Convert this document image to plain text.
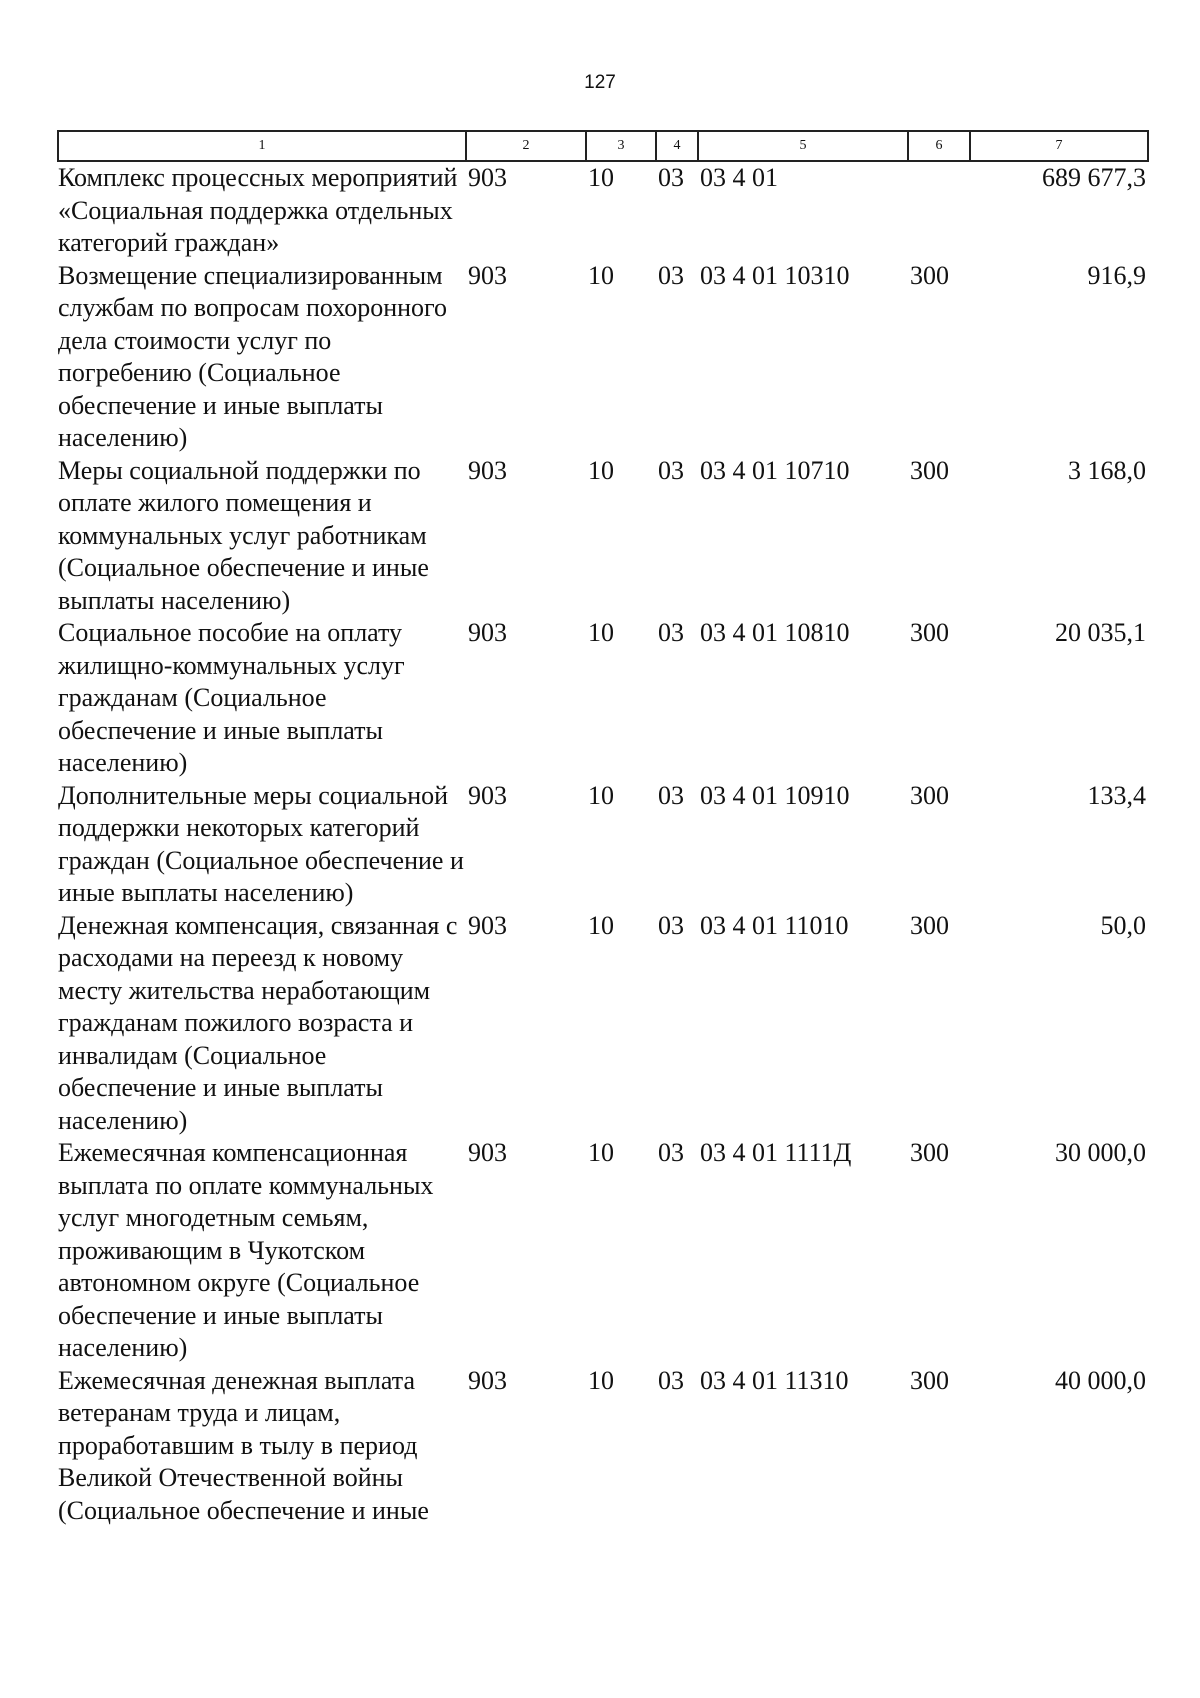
127
1	2	3	4	5	6	7
Комплекс процессных мероприятий «Социальная поддержка отдельных категорий граждан»	903	10	03	03 4 01		689 677,3
Возмещение специализированным службам по вопросам похоронного дела стоимости услуг по погребению (Социальное обеспечение и иные выплаты населению)	903	10	03	03 4 01 10310	300	916,9
Меры социальной поддержки по оплате жилого помещения и коммунальных услуг работникам (Социальное обеспечение и иные выплаты населению)	903	10	03	03 4 01 10710	300	3 168,0
Социальное пособие на оплату жилищно-коммунальных услуг гражданам (Социальное обеспечение и иные выплаты населению)	903	10	03	03 4 01 10810	300	20 035,1
Дополнительные меры социальной поддержки некоторых категорий граждан (Социальное обеспечение и иные выплаты населению)	903	10	03	03 4 01 10910	300	133,4
Денежная компенсация, связанная с расходами на переезд к новому месту жительства неработающим гражданам пожилого возраста и инвалидам (Социальное обеспечение и иные выплаты населению)	903	10	03	03 4 01 11010	300	50,0
Ежемесячная компенсационная выплата по оплате коммунальных услуг многодетным семьям, проживающим в Чукотском автономном округе (Социальное обеспечение и иные выплаты населению)	903	10	03	03 4 01 1111Д	300	30 000,0
Ежемесячная денежная выплата ветеранам труда и лицам, проработавшим в тылу в период Великой Отечественной войны (Социальное обеспечение и иные	903	10	03	03 4 01 11310	300	40 000,0
